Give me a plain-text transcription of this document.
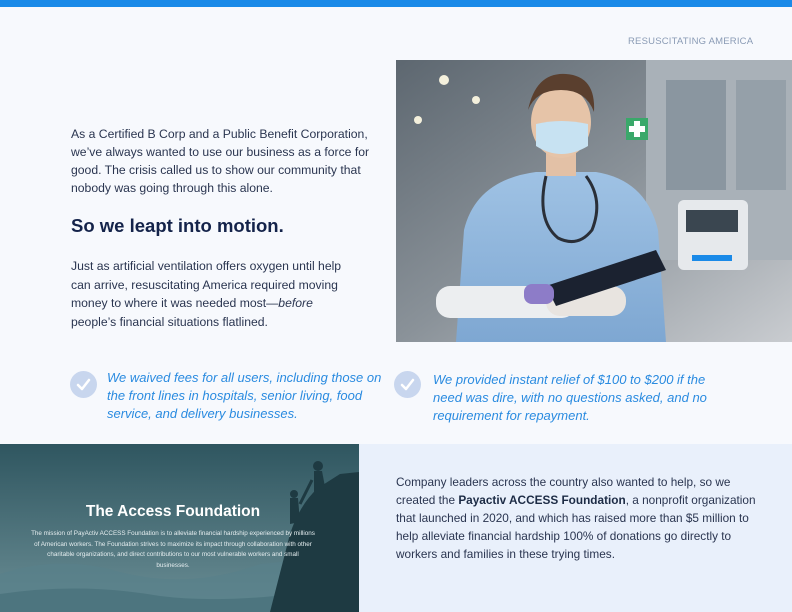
RESUSCITATING AMERICA

As a Certified B Corp and a Public Benefit Corporation, we’ve always wanted to use our business as a force for good. The crisis called us to show our community that nobody was going through this alone.

So we leapt into motion.

Just as artificial ventilation offers oxygen until help can arrive, resuscitating America required moving money to where it was needed most—before people’s financial situations flatlined.

We waived fees for all users, including those on the front lines in hospitals, senior living, food service, and delivery businesses.
We provided instant relief of $100 to $200 if the need was dire, with no questions asked, and no requirement for repayment.
The Access Foundation
The mission of PayActiv ACCESS Foundation is to alleviate financial hardship experienced by millions of American workers. The Foundation strives to maximize its impact through collaboration with other charitable organizations, and direct contributions to our most vulnerable workers and small businesses.

Company leaders across the country also wanted to help, so we created the Payactiv ACCESS Foundation, a nonprofit organization that launched in 2020, and which has raised more than $5 million to help alleviate financial hardship 100% of donations go directly to workers and families in these trying times.
